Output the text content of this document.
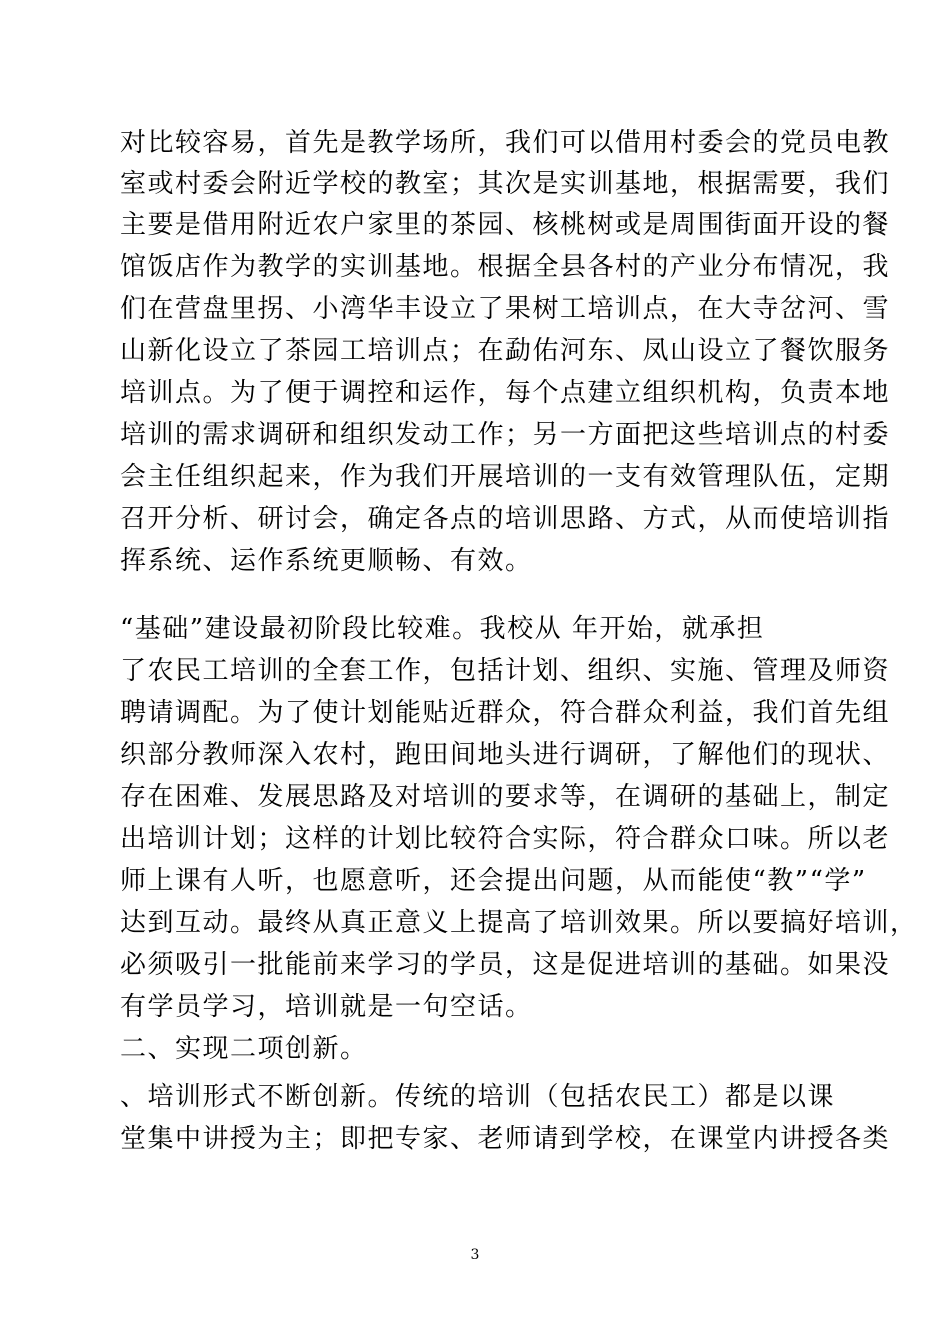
对比较容易，首先是教学场所，我们可以借用村委会的党员电教
室或村委会附近学校的教室；其次是实训基地，根据需要，我们
主要是借用附近农户家里的茶园、核桃树或是周围街面开设的餐
馆饭店作为教学的实训基地。根据全县各村的产业分布情况，我
们在营盘里拐、小湾华丰设立了果树工培训点，在大寺岔河、雪
山新化设立了茶园工培训点；在勐佑河东、凤山设立了餐饮服务
培训点。为了便于调控和运作，每个点建立组织机构，负责本地
培训的需求调研和组织发动工作；另一方面把这些培训点的村委
会主任组织起来，作为我们开展培训的一支有效管理队伍，定期
召开分析、研讨会，确定各点的培训思路、方式，从而使培训指
挥系统、运作系统更顺畅、有效。
“基础”建设最初阶段比较难。我校从 年开始，就承担
了农民工培训的全套工作，包括计划、组织、实施、管理及师资
聘请调配。为了使计划能贴近群众，符合群众利益，我们首先组
织部分教师深入农村，跑田间地头进行调研，了解他们的现状、
存在困难、发展思路及对培训的要求等，在调研的基础上，制定
出培训计划；这样的计划比较符合实际，符合群众口味。所以老
师上课有人听，也愿意听，还会提出问题，从而能使“教”“学”
达到互动。最终从真正意义上提高了培训效果。所以要搞好培训，
必须吸引一批能前来学习的学员，这是促进培训的基础。如果没
有学员学习，培训就是一句空话。
二、实现二项创新。
、培训形式不断创新。传统的培训（包括农民工）都是以课
堂集中讲授为主；即把专家、老师请到学校，在课堂内讲授各类
3
